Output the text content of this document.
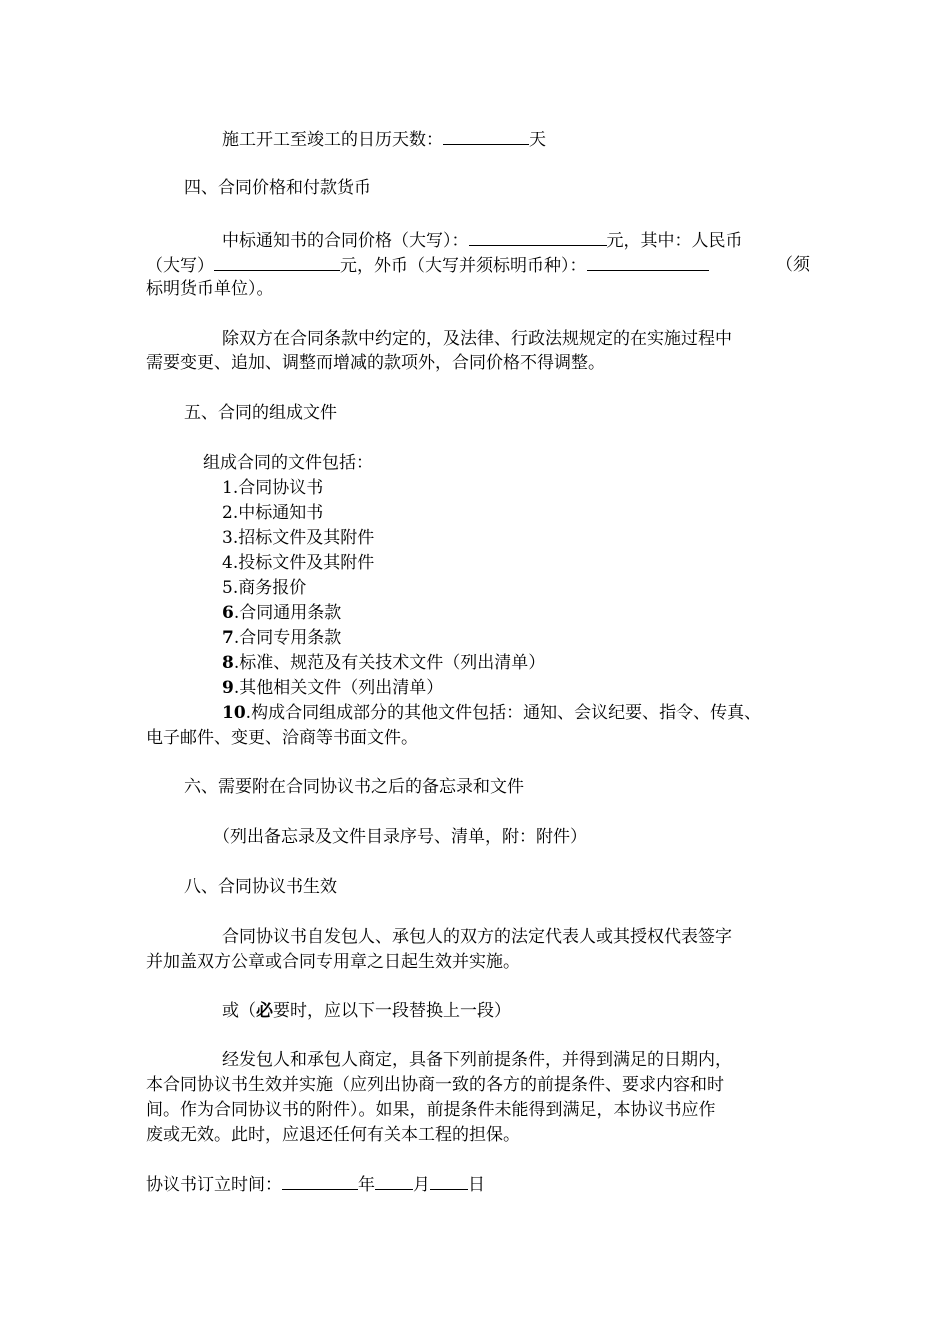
施工开工至竣工的日历天数：	天
四、合同价格和付款货币
中标通知书的合同价格（大写）：	元，其中：人民币
（大写）	元，外币（大写并须标明币种）：	（须
标明货币单位）。
除双方在合同条款中约定的，及法律、行政法规规定的在实施过程中
需要变更、追加、调整而增减的款项外，合同价格不得调整。
五、合同的组成文件
组成合同的文件包括：
1.合同协议书
2.中标通知书
3.招标文件及其附件
4.投标文件及其附件
5.商务报价
6.合同通用条款
7.合同专用条款
8.标准、规范及有关技术文件（列出清单）
9.其他相关文件（列出清单）
10.构成合同组成部分的其他文件包括：通知、会议纪要、指令、传真、
电子邮件、变更、洽商等书面文件。
六、需要附在合同协议书之后的备忘录和文件
（列出备忘录及文件目录序号、清单，附：附件）
八、合同协议书生效
合同协议书自发包人、承包人的双方的法定代表人或其授权代表签字
并加盖双方公章或合同专用章之日起生效并实施。
或（必要时，应以下一段替换上一段）
经发包人和承包人商定，具备下列前提条件，并得到满足的日期内，
本合同协议书生效并实施（应列出协商一致的各方的前提条件、要求内容和时
间。作为合同协议书的附件）。如果，前提条件未能得到满足，本协议书应作
废或无效。此时，应退还任何有关本工程的担保。
协议书订立时间：	年 月 日
